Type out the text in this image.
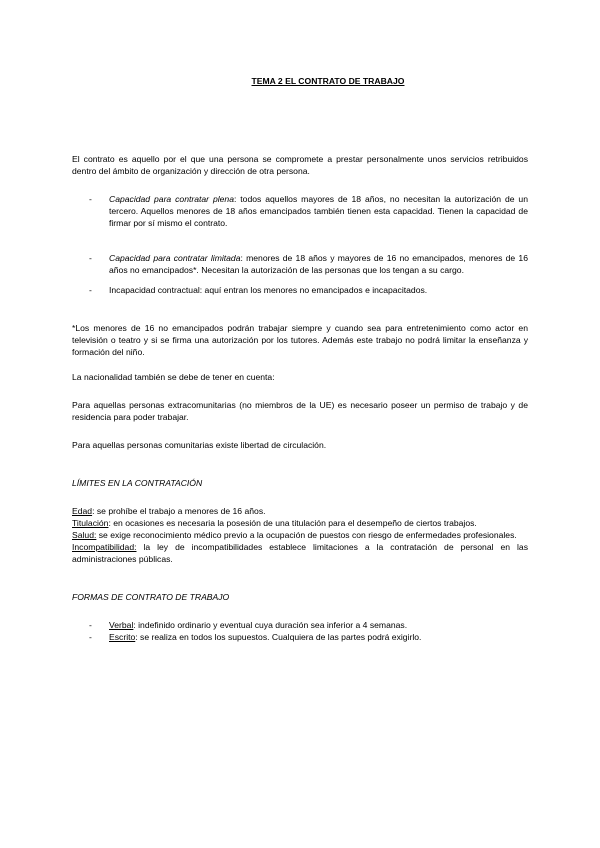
TEMA 2 EL CONTRATO DE TRABAJO

El contrato es aquello por el que una persona se compromete a prestar personalmente unos servicios retribuidos dentro del ámbito de organización y dirección de otra persona.

- Capacidad para contratar plena: todos aquellos mayores de 18 años, no necesitan la autorización de un tercero. Aquellos menores de 18 años emancipados también tienen esta capacidad. Tienen la capacidad de firmar por sí mismo el contrato.
- Capacidad para contratar limitada: menores de 18 años y mayores de 16 no emancipados, menores de 16 años no emancipados*. Necesitan la autorización de las personas que los tengan a su cargo.
- Incapacidad contractual: aquí entran los menores no emancipados e incapacitados.

*Los menores de 16 no emancipados podrán trabajar siempre y cuando sea para entretenimiento como actor en televisión o teatro y si se firma una autorización por los tutores. Además este trabajo no podrá limitar la enseñanza y formación del niño.

La nacionalidad también se debe de tener en cuenta:

Para aquellas personas extracomunitarias (no miembros de la UE) es necesario poseer un permiso de trabajo y de residencia para poder trabajar.

Para aquellas personas comunitarias existe libertad de circulación.

LÍMITES EN LA CONTRATACIÓN

Edad: se prohíbe el trabajo a menores de 16 años.

Titulación: en ocasiones es necesaria la posesión de una titulación para el desempeño de ciertos trabajos.

Salud: se exige reconocimiento médico previo a la ocupación de puestos con riesgo de enfermedades profesionales.

Incompatibilidad: la ley de incompatibilidades establece limitaciones a la contratación de personal en las administraciones públicas.

FORMAS DE CONTRATO DE TRABAJO
- Verbal: indefinido ordinario y eventual cuya duración sea inferior a 4 semanas.
- Escrito: se realiza en todos los supuestos. Cualquiera de las partes podrá exigirlo.
